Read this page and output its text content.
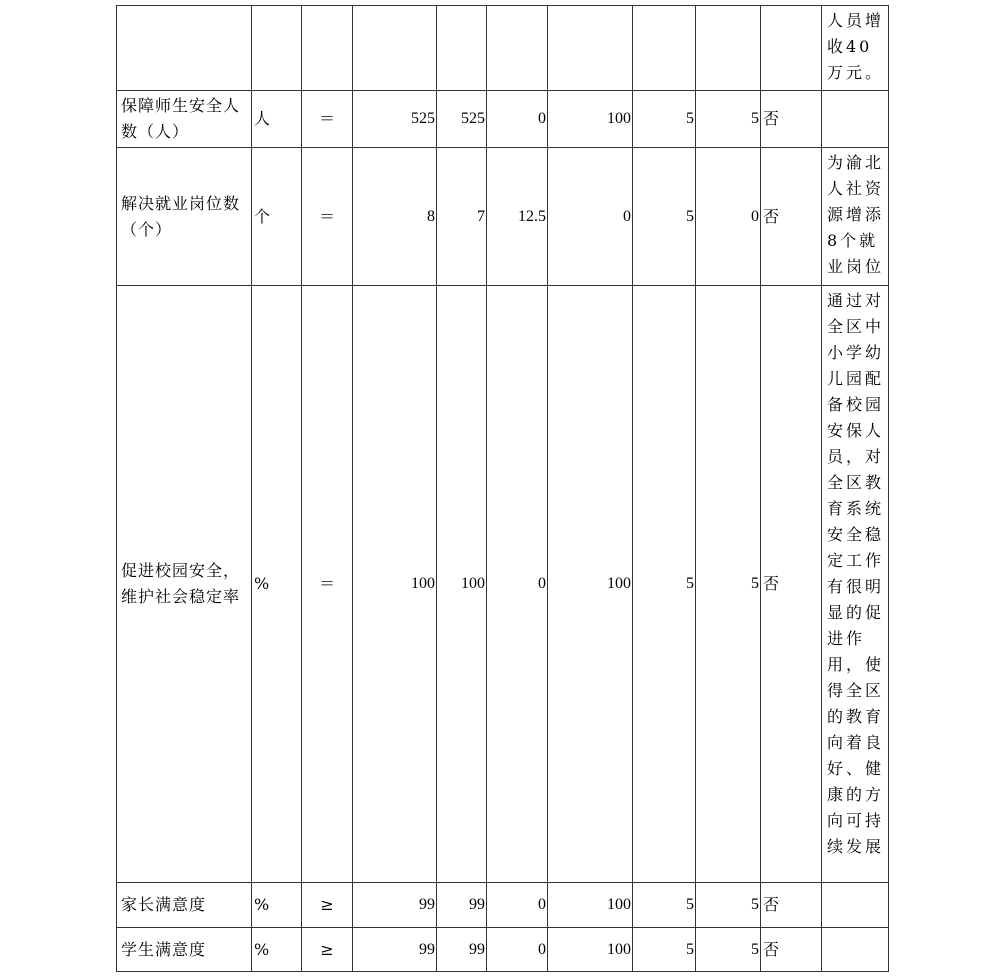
										人员增收40万元。

保障师生安全人数（人）	人	＝	525	525	0	100	5	5	否	

解决就业岗位数（个）	个	＝	8	7	12.5	0	5	0	否	为渝北人社资源增添8个就业岗位

促进校园安全，维护社会稳定率	%	＝	100	100	0	100	5	5	否	通过对全区中小学幼儿园配备校园安保人员，对全区教育系统安全稳定工作有很明显的促进作用，使得全区的教育向着良好、健康的方向可持续发展

家长满意度	%	≥	99	99	0	100	5	5	否	

学生满意度	%	≥	99	99	0	100	5	5	否	
